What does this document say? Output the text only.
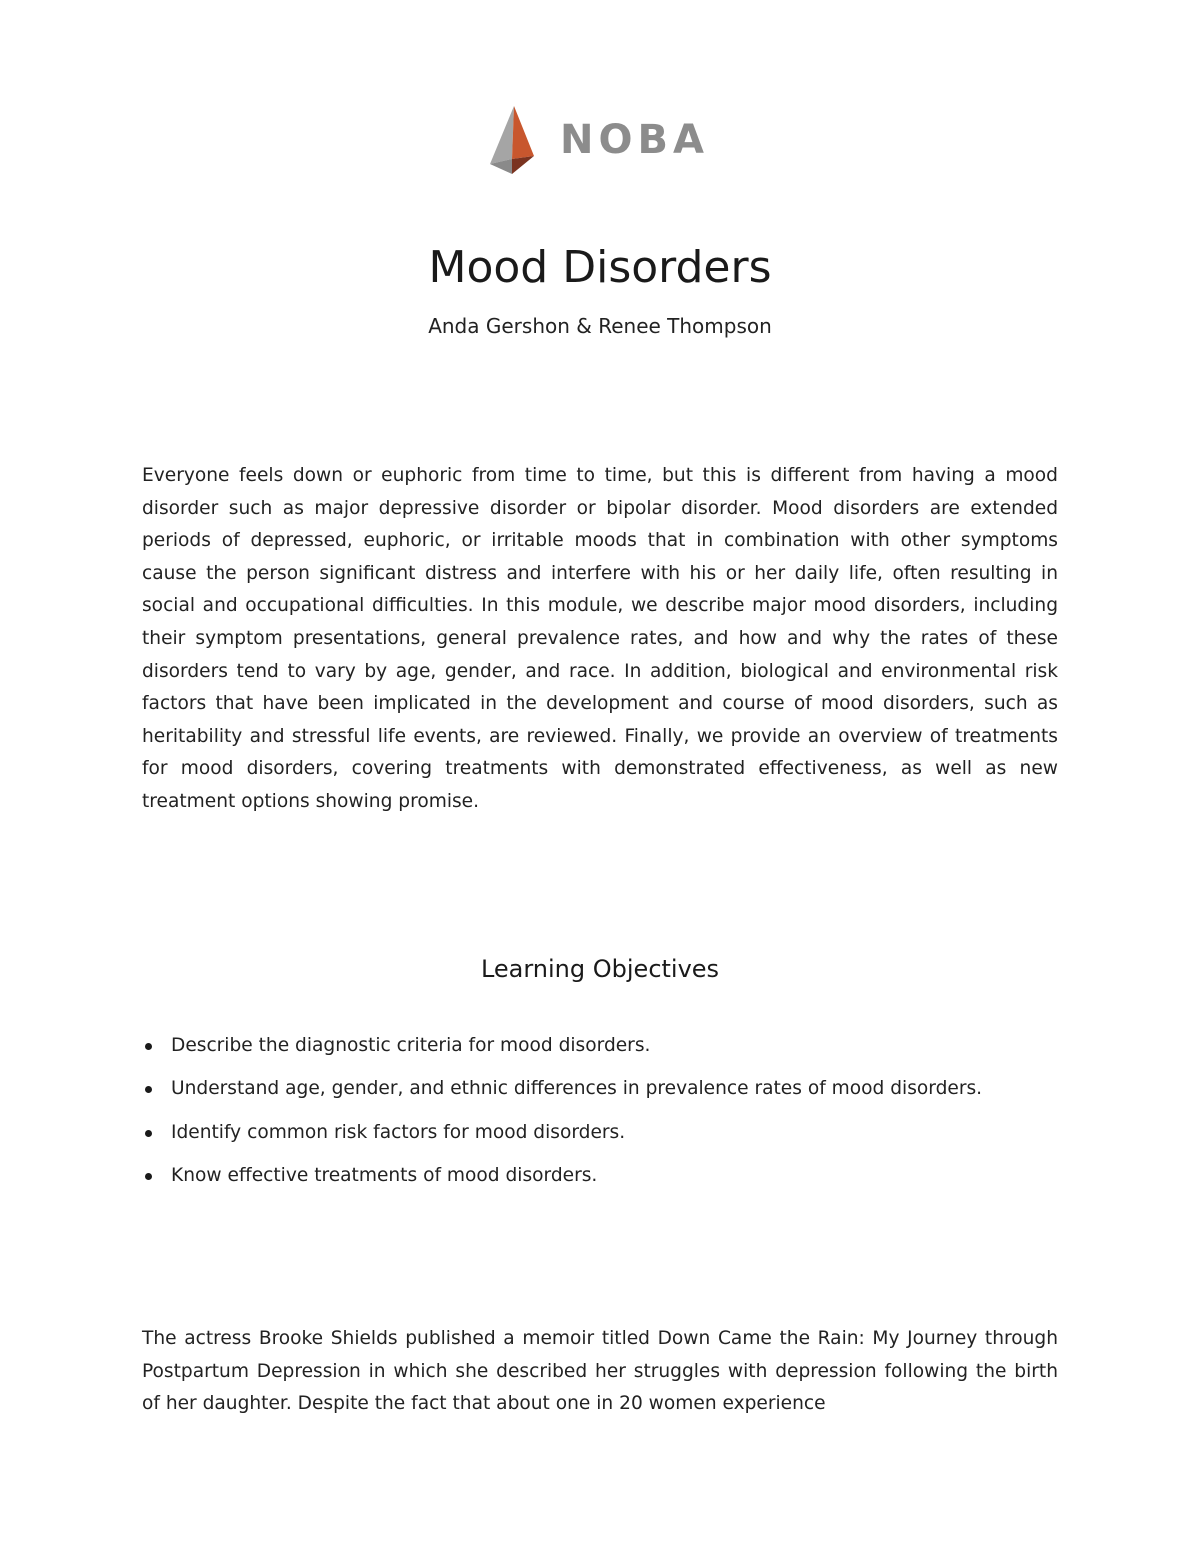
NOBA
Mood Disorders
Anda Gershon & Renee Thompson

Everyone feels down or euphoric from time to time, but this is different from having a mood disorder such as major depressive disorder or bipolar disorder. Mood disorders are extended periods of depressed, euphoric, or irritable moods that in combination with other symptoms cause the person significant distress and interfere with his or her daily life, often resulting in social and occupational difficulties. In this module, we describe major mood disorders, including their symptom presentations, general prevalence rates, and how and why the rates of these disorders tend to vary by age, gender, and race. In addition, biological and environmental risk factors that have been implicated in the development and course of mood disorders, such as heritability and stressful life events, are reviewed. Finally, we provide an overview of treatments for mood disorders, covering treatments with demonstrated effectiveness, as well as new treatment options showing promise.

Learning Objectives
Describe the diagnostic criteria for mood disorders.
Understand age, gender, and ethnic differences in prevalence rates of mood disorders.
Identify common risk factors for mood disorders.
Know effective treatments of mood disorders.

The actress Brooke Shields published a memoir titled Down Came the Rain: My Journey through Postpartum Depression in which she described her struggles with depression following the birth of her daughter. Despite the fact that about one in 20 women experience
